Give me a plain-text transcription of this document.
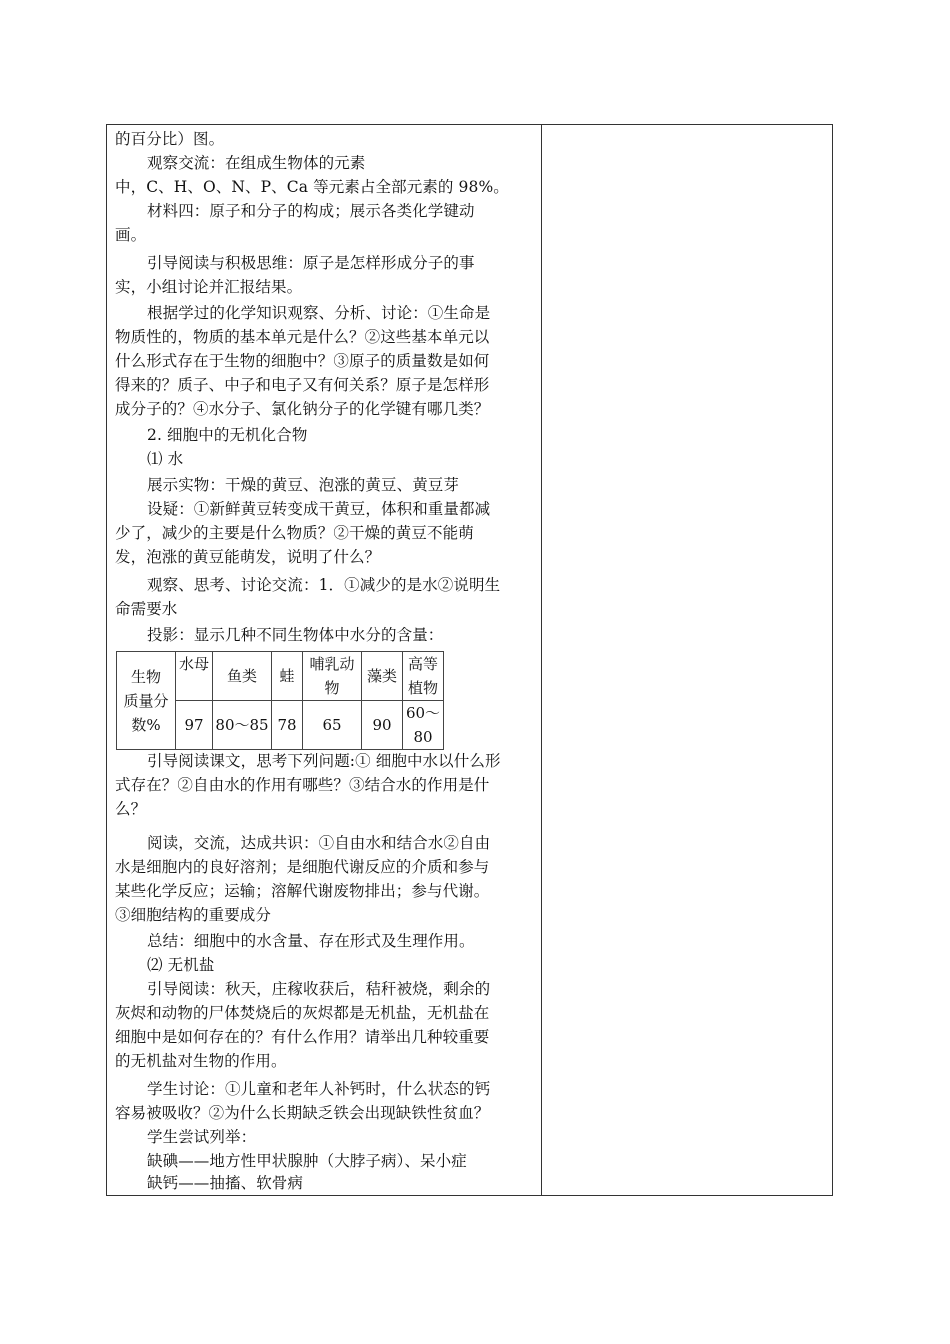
的百分比）图。
观察交流：在组成生物体的元素
中，C、H、O、N、P、Ca 等元素占全部元素的 98%。
材料四：原子和分子的构成；展示各类化学键动
画。
引导阅读与积极思维：原子是怎样形成分子的事
实，小组讨论并汇报结果。
根据学过的化学知识观察、分析、讨论：①生命是
物质性的，物质的基本单元是什么？②这些基本单元以
什么形式存在于生物的细胞中？③原子的质量数是如何
得来的？质子、中子和电子又有何关系？原子是怎样形
成分子的？④水分子、氯化钠分子的化学键有哪几类？
2. 细胞中的无机化合物
⑴ 水
展示实物：干燥的黄豆、泡涨的黄豆、黄豆芽
设疑：①新鲜黄豆转变成干黄豆，体积和重量都减
少了，减少的主要是什么物质？②干燥的黄豆不能萌
发，泡涨的黄豆能萌发，说明了什么？
观察、思考、讨论交流：1．①减少的是水②说明生
命需要水
投影：显示几种不同生物体中水分的含量：
生物
质量分
数%	水母	鱼类	蛙	哺乳动物	藻类	高等植物
	97	80～85	78	65	90	60～80
引导阅读课文，思考下列问题:① 细胞中水以什么形
式存在？②自由水的作用有哪些？③结合水的作用是什
么？
阅读，交流，达成共识：①自由水和结合水②自由
水是细胞内的良好溶剂；是细胞代谢反应的介质和参与
某些化学反应；运输；溶解代谢废物排出；参与代谢。
③细胞结构的重要成分
总结：细胞中的水含量、存在形式及生理作用。
⑵ 无机盐
引导阅读：秋天，庄稼收获后，秸秆被烧，剩余的
灰烬和动物的尸体焚烧后的灰烬都是无机盐，无机盐在
细胞中是如何存在的？有什么作用？请举出几种较重要
的无机盐对生物的作用。
学生讨论：①儿童和老年人补钙时，什么状态的钙
容易被吸收？②为什么长期缺乏铁会出现缺铁性贫血？
学生尝试列举：
缺碘——地方性甲状腺肿（大脖子病）、呆小症
缺钙——抽搐、软骨病
